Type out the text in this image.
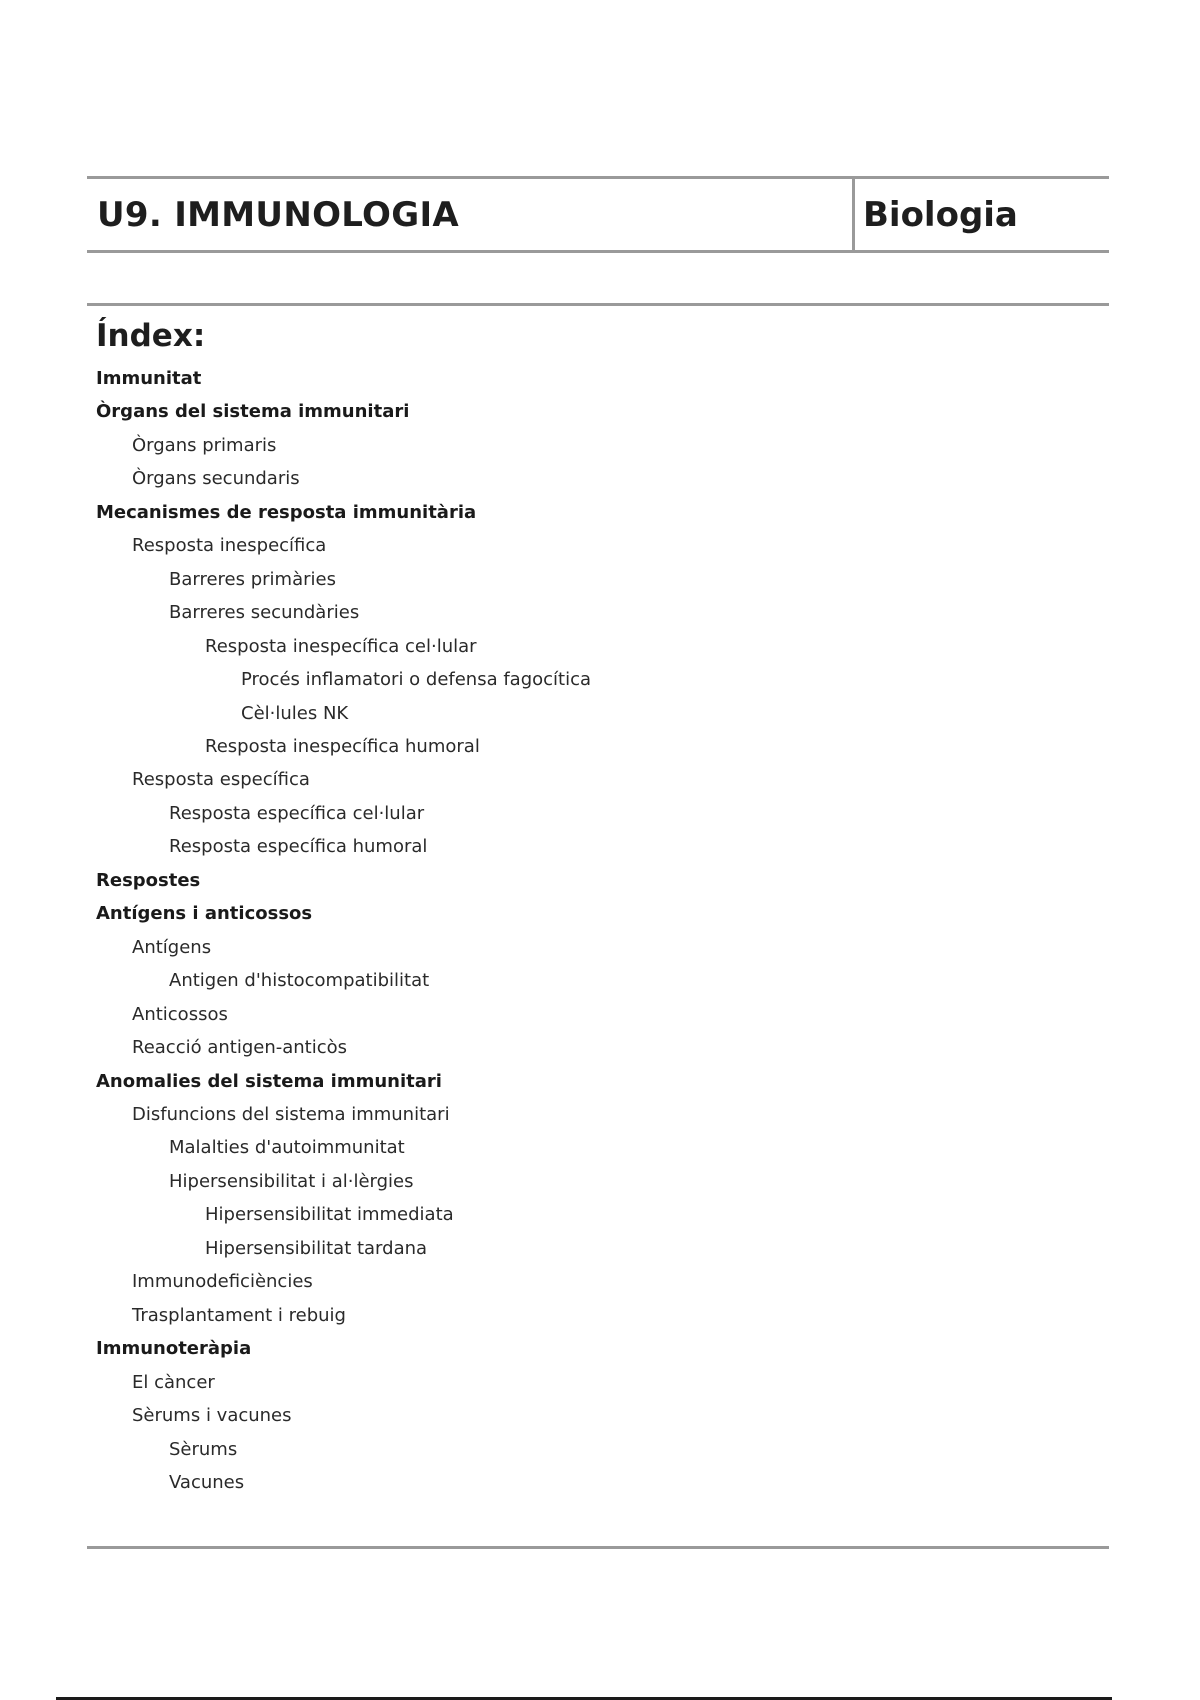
U9. IMMUNOLOGIA	Biologia
Índex:
Immunitat
Òrgans del sistema immunitari
Òrgans primaris
Òrgans secundaris
Mecanismes de resposta immunitària
Resposta inespecífica
Barreres primàries
Barreres secundàries
Resposta inespecífica cel·lular
Procés inflamatori o defensa fagocítica
Cèl·lules NK
Resposta inespecífica humoral
Resposta específica
Resposta específica cel·lular
Resposta específica humoral
Respostes
Antígens i anticossos
Antígens
Antigen d'histocompatibilitat
Anticossos
Reacció antigen-anticòs
Anomalies del sistema immunitari
Disfuncions del sistema immunitari
Malalties d'autoimmunitat
Hipersensibilitat i al·lèrgies
Hipersensibilitat immediata
Hipersensibilitat tardana
Immunodeficiències
Trasplantament i rebuig
Immunoteràpia
El càncer
Sèrums i vacunes
Sèrums
Vacunes
